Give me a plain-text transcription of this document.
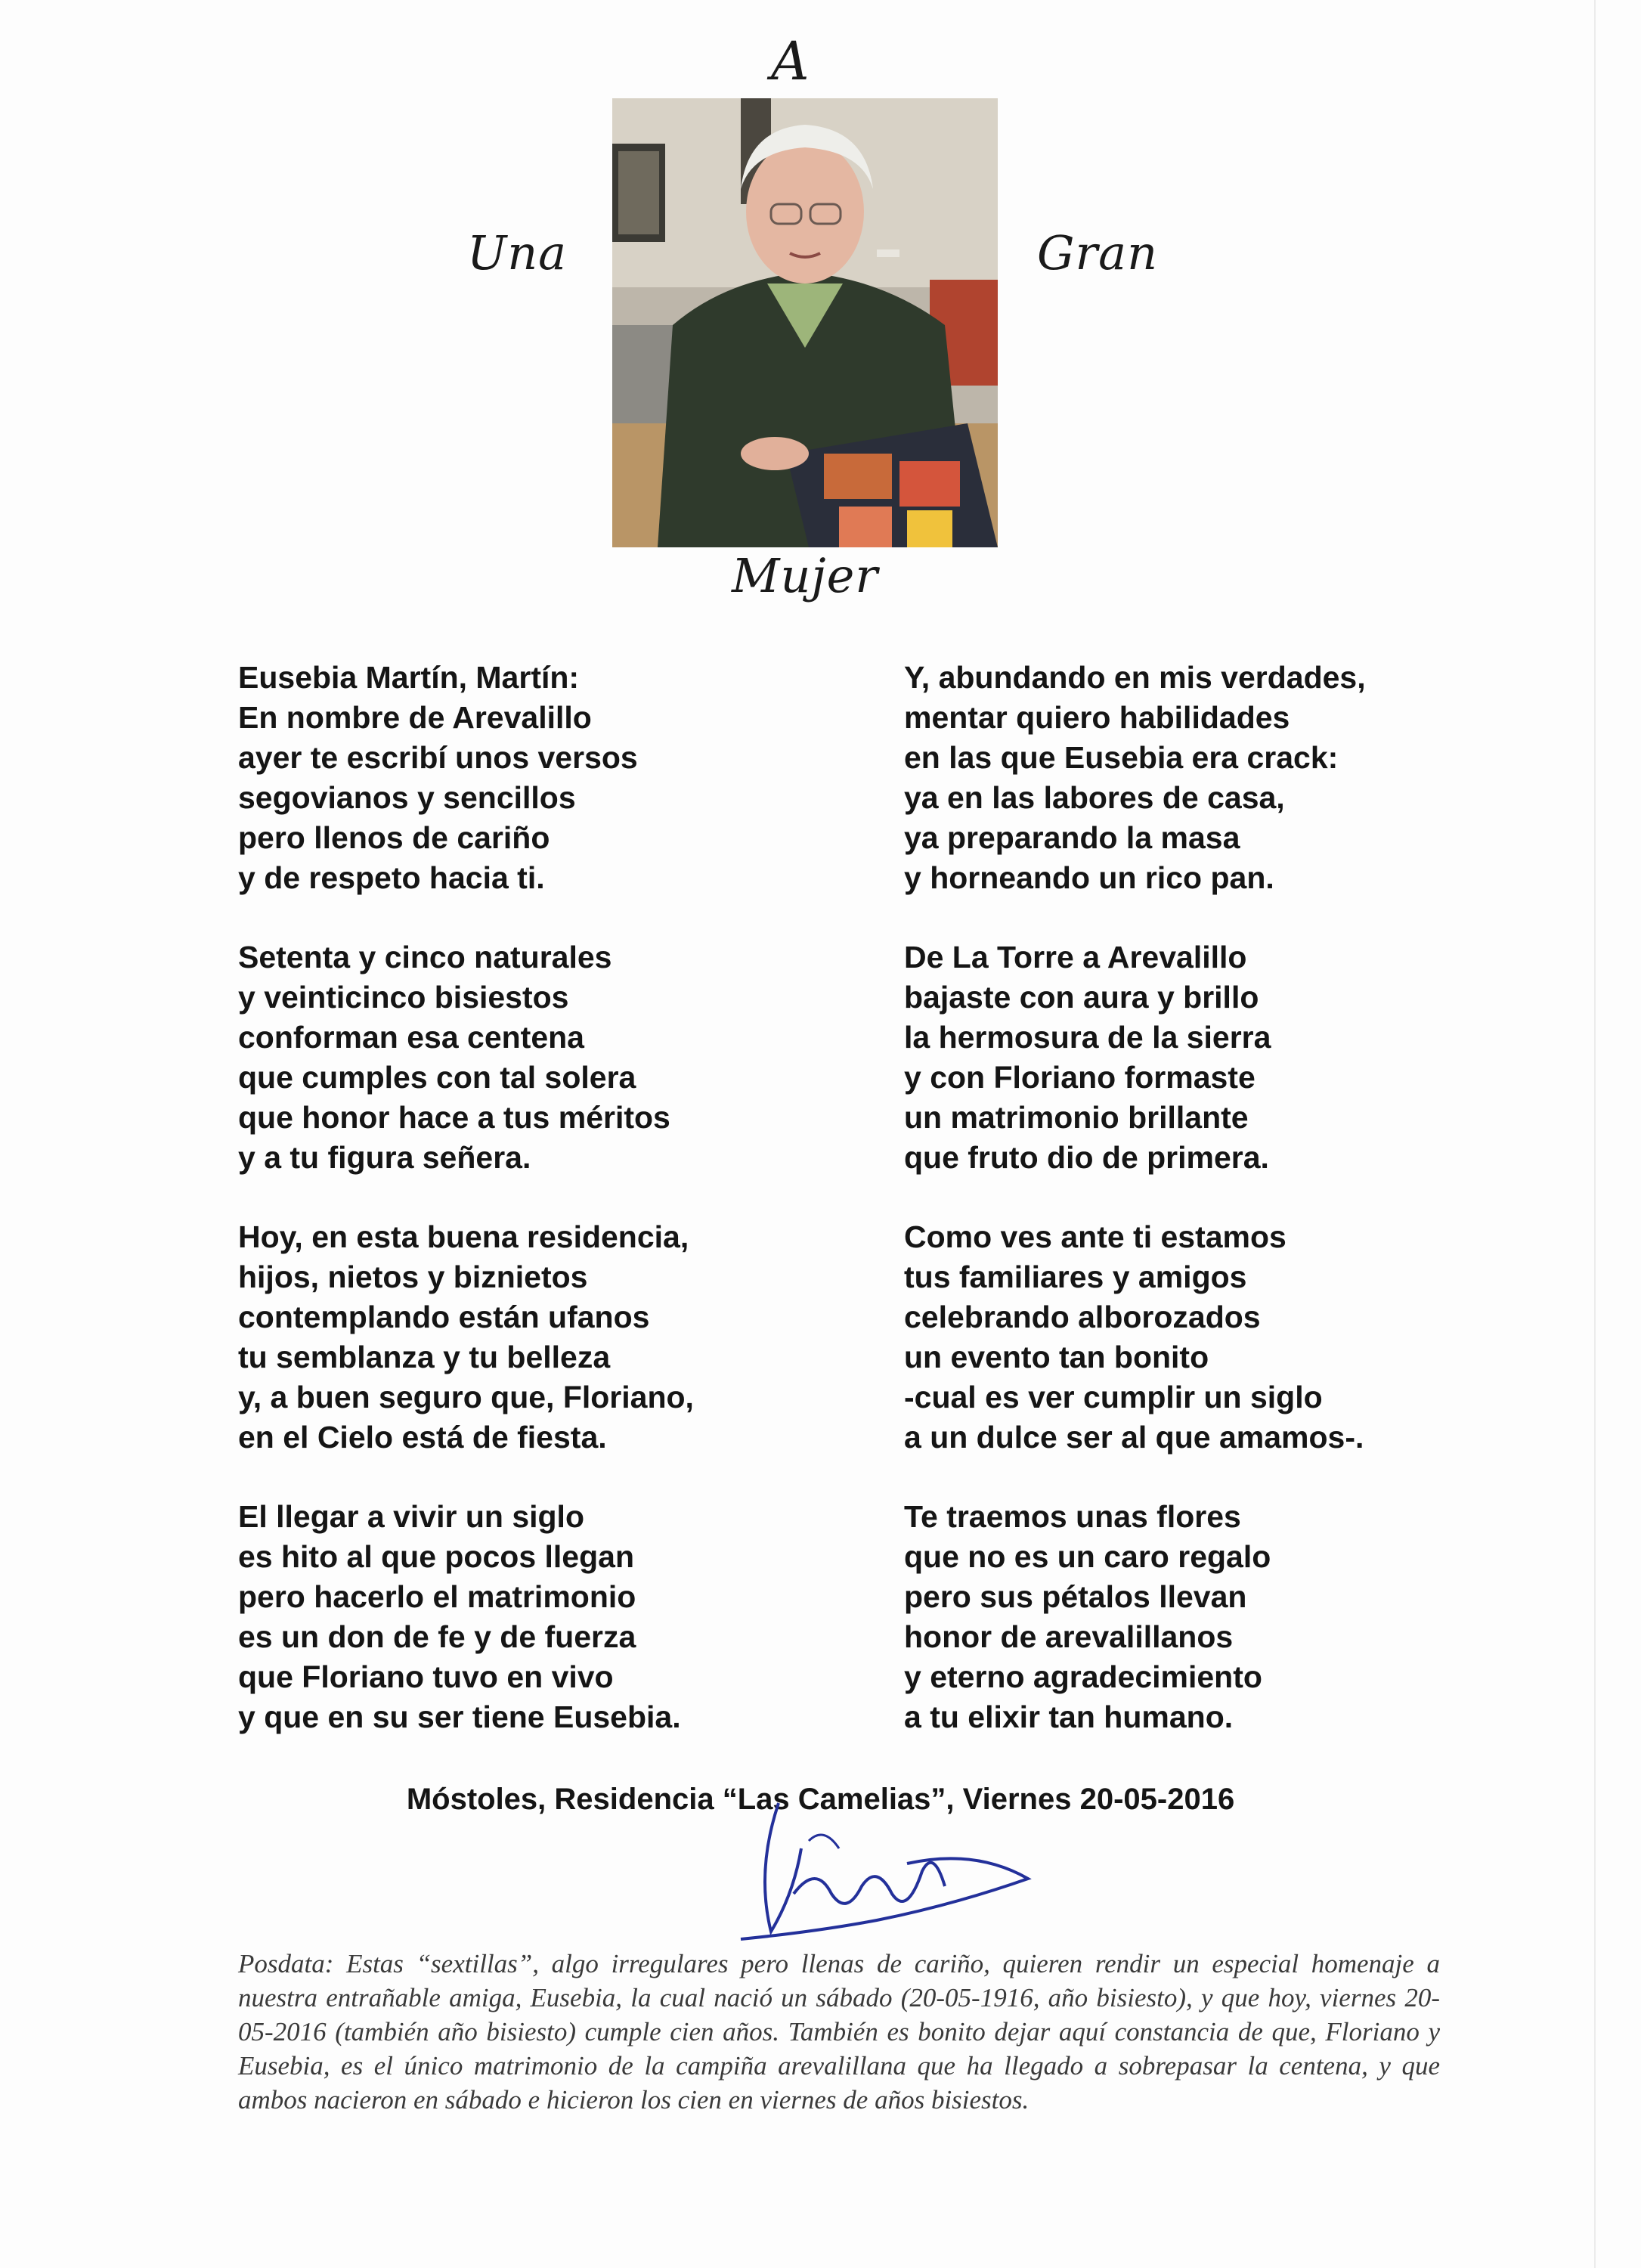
A
Una	Gran
Mujer
Eusebia Martín, Martín:
En nombre de Arevalillo
ayer te escribí unos versos
segovianos y sencillos
pero llenos de cariño
y de respeto hacia ti.
Setenta y cinco naturales
y veinticinco bisiestos
conforman esa centena
que cumples con tal solera
que honor hace a tus méritos
y a tu figura señera.
Hoy, en esta buena residencia,
hijos, nietos y biznietos
contemplando están ufanos
tu semblanza y tu belleza
y, a buen seguro que, Floriano,
en el Cielo está de fiesta.
El llegar a vivir un siglo
es hito al que pocos llegan
pero hacerlo el matrimonio
es un don de fe y de fuerza
que Floriano tuvo en vivo
y que en su ser tiene Eusebia.
Y, abundando en mis verdades,
mentar quiero habilidades
en las que Eusebia era crack:
ya en las labores de casa,
ya preparando la masa
y horneando un rico pan.
De La Torre a Arevalillo
bajaste con aura y brillo
la hermosura de la sierra
y con Floriano formaste
un matrimonio brillante
que fruto dio de primera.
Como ves ante ti estamos
tus familiares y amigos
celebrando alborozados
un evento tan bonito
-cual es ver cumplir un siglo
a un dulce ser al que amamos-.
Te traemos unas flores
que no es un caro regalo
pero sus pétalos llevan
honor de arevalillanos
y eterno agradecimiento
a tu elixir tan humano.
Móstoles, Residencia “Las Camelias”, Viernes 20-05-2016
Posdata: Estas “sextillas”, algo irregulares pero llenas de cariño, quieren rendir un especial homenaje a nuestra entrañable amiga, Eusebia, la cual nació un sábado (20-05-1916, año bisiesto), y que hoy, viernes 20-05-2016 (también año bisiesto) cumple cien años. También es bonito dejar aquí constancia de que, Floriano y Eusebia, es el único matrimonio de la campiña arevalillana que ha llegado a sobrepasar la centena, y que ambos nacieron en sábado e hicieron los cien en viernes de años bisiestos.
